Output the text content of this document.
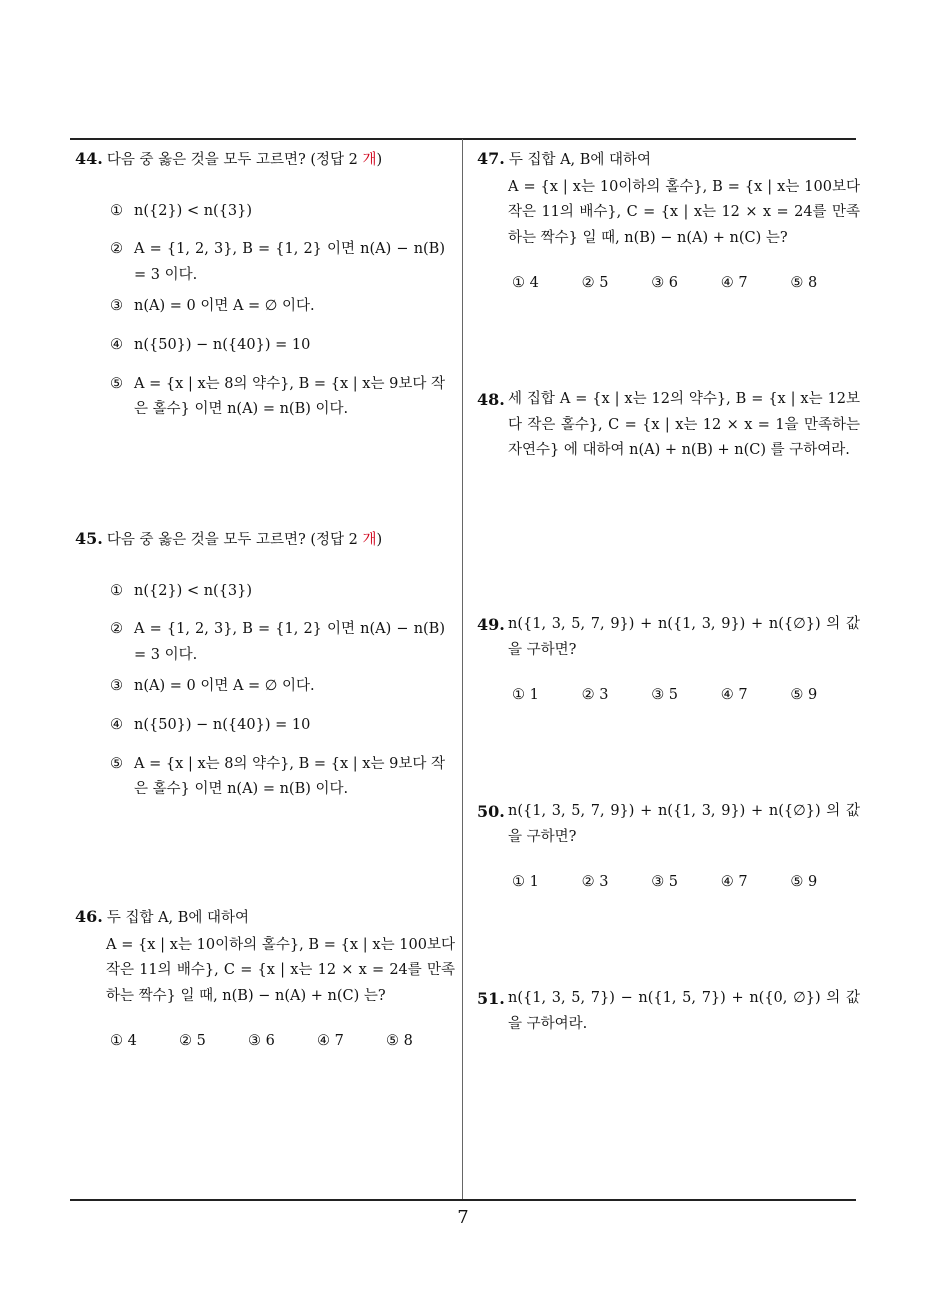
44. 다음 중 옳은 것을 모두 고르면? (정답 2 개)
① n({2}) < n({3})
② A = {1, 2, 3}, B = {1, 2} 이면 n(A) − n(B) = 3 이다.
③ n(A) = 0 이면 A = ∅ 이다.
④ n({50}) − n({40}) = 10
⑤ A = {x | x는 8의 약수}, B = {x | x는 9보다 작은 홀수} 이면 n(A) = n(B) 이다.
45. 다음 중 옳은 것을 모두 고르면? (정답 2 개)
① n({2}) < n({3})
② A = {1, 2, 3}, B = {1, 2} 이면 n(A) − n(B) = 3 이다.
③ n(A) = 0 이면 A = ∅ 이다.
④ n({50}) − n({40}) = 10
⑤ A = {x | x는 8의 약수}, B = {x | x는 9보다 작은 홀수} 이면 n(A) = n(B) 이다.
46. 두 집합 A, B에 대하여
A = {x | x는 10이하의 홀수}, B = {x | x는 100보다 작은 11의 배수}, C = {x | x는 12 × x = 24를 만족하는 짝수} 일 때, n(B) − n(A) + n(C) 는?
① 4	② 5	③ 6	④ 7	⑤ 8
47. 두 집합 A, B에 대하여
A = {x | x는 10이하의 홀수}, B = {x | x는 100보다 작은 11의 배수}, C = {x | x는 12 × x = 24를 만족하는 짝수} 일 때, n(B) − n(A) + n(C) 는?
① 4	② 5	③ 6	④ 7	⑤ 8
48. 세 집합 A = {x | x는 12의 약수}, B = {x | x는 12보다 작은 홀수}, C = {x | x는 12 × x = 1을 만족하는 자연수} 에 대하여 n(A) + n(B) + n(C) 를 구하여라.
49. n({1, 3, 5, 7, 9}) + n({1, 3, 9}) + n({∅}) 의 값을 구하면?
① 1	② 3	③ 5	④ 7	⑤ 9
50. n({1, 3, 5, 7, 9}) + n({1, 3, 9}) + n({∅}) 의 값을 구하면?
① 1	② 3	③ 5	④ 7	⑤ 9
51. n({1, 3, 5, 7}) − n({1, 5, 7}) + n({0, ∅}) 의 값을 구하여라.
7
